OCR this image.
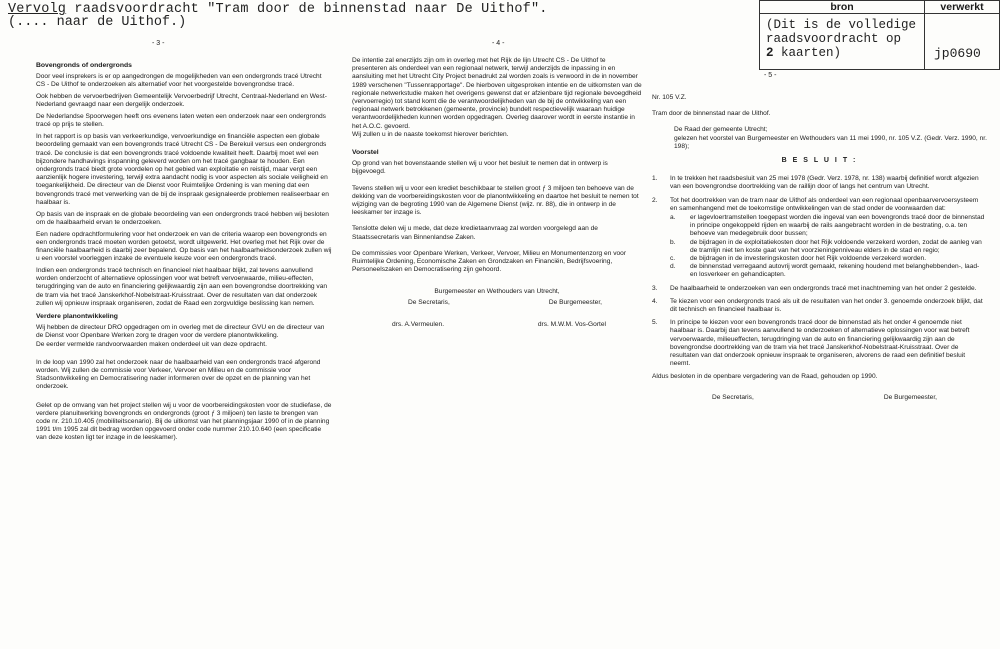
Vervolg raadsvoordracht "Tram door de binnenstad naar De Uithof".
(.... naar de Uithof.)
bron	verwerkt
(Dit is de volledige
raadsvoordracht op
2 kaarten)	jp0690
- 3 -	- 4 -
- 5 -
Bovengronds of ondergronds

Door veel insprekers is er op aangedrongen de mogelijkheden van een ondergronds tracé Utrecht CS - De Uithof te onderzoeken als alternatief voor het voorgestelde bovengrondse tracé.

Ook hebben de vervoerbedrijven Gemeentelijk Vervoerbedrijf Utrecht, Centraal-Nederland en West-Nederland gevraagd naar een dergelijk onderzoek.

De Nederlandse Spoorwegen heeft ons evenens laten weten een onderzoek naar een ondergronds tracé op prijs te stellen.

In het rapport is op basis van verkeerkundige, vervoerkundige en financiële aspecten een globale beoordeling gemaakt van een bovengronds tracé Utrecht CS - De Berekuil versus een ondergronds tracé. De conclusie is dat een bovengronds tracé voldoende kwaliteit heeft. Daarbij moet wel een bijzondere handhavings inspanning geleverd worden om het tracé gangbaar te houden. Een ondergronds tracé biedt grote voordelen op het gebied van exploitatie en reistijd, maar vergt een aanzienlijk hogere investering, terwijl extra aandacht nodig is voor aspecten als sociale veiligheid en toegankelijkheid. De directeur van de Dienst voor Ruimtelijke Ordening is van mening dat een bovengronds tracé met verwerking van de bij de inspraak gesignaleerde problemen realiseerbaar en haalbaar is.

Op basis van de inspraak en de globale beoordeling van een ondergronds tracé hebben wij besloten om de haalbaarheid ervan te onderzoeken.

Een nadere opdrachtformulering voor het onderzoek en van de criteria waarop een bovengronds en een ondergronds tracé moeten worden getoetst, wordt uitgewerkt. Het overleg met het Rijk over de financiële haalbaarheid is daarbij zeer bepalend. Op basis van het haalbaarheidsonderzoek zullen wij u een voorstel voorleggen inzake de eventuele keuze voor een ondergronds tracé.

Indien een ondergronds tracé technisch en financieel niet haalbaar blijkt, zal tevens aanvullend worden onderzocht of alternatieve oplossingen voor wat betreft vervoerwaarde, milieu-effecten, terugdringing van de auto en financiering gelijkwaardig zijn aan een bovengrondse doortrekking van de tram via het tracé Janskerkhof-Nobelstraat-Kruisstraat. Over de resultaten van dat onderzoek zullen wij opnieuw inspraak organiseren, zodat de Raad een zorgvuldige beslissing kan nemen.

Verdere planontwikkeling

Wij hebben de directeur DRO opgedragen om in overleg met de directeur GVU en de directeur van de Dienst voor Openbare Werken zorg te dragen voor de verdere planontwikkeling.

De eerder vermelde randvoorwaarden maken onderdeel uit van deze opdracht.

In de loop van 1990 zal het onderzoek naar de haalbaarheid van een ondergronds tracé afgerond worden. Wij zullen de commissie voor Verkeer, Vervoer en Milieu en de commissie voor Stadsontwikkeling en Democratisering nader informeren over de opzet en de planning van het onderzoek.

Gelet op de omvang van het project stellen wij u voor de voorbereidingskosten voor de studiefase, de verdere planuitwerking bovengronds en ondergronds (groot ƒ 3 miljoen) ten laste te brengen van code nr. 210.10.405 (mobiliteitscenario). Bij de uitkomst van het planningsjaar 1990 of in de planning 1991 t/m 1995 zal dit bedrag worden opgevoerd onder code nummer 210.10.640 (een specificatie van deze kosten ligt ter inzage in de leeskamer).

De intentie zal enerzijds zijn om in overleg met het Rijk de lijn Utrecht CS - De Uithof te presenteren als onderdeel van een regionaal netwerk, terwijl anderzijds de inpassing in en aansluiting met het Utrecht City Project benadrukt zal worden zoals is verwoord in de in november 1989 verschenen "Tussenrapportage". De hierboven uitgesproken intentie en de uitkomsten van de regionale netwerkstudie maken het overigens gewenst dat er afzienbare tijd regionale bevoegdheid (vervoerregio) tot stand komt die de verantwoordelijkheden van de bij de ontwikkeling van een regionaal netwerk betrokkenen (gemeente, provincie) bundelt respectievelijk waaraan huidige verantwoordelijkheden kunnen worden opgedragen. Overleg daarover wordt in eerste instantie in het A.O.C. gevoerd.

Wij zullen u in de naaste toekomst hierover berichten.

Voorstel

Op grond van het bovenstaande stellen wij u voor het besluit te nemen dat in ontwerp is bijgevoegd.

Tevens stellen wij u voor een krediet beschikbaar te stellen groot ƒ 3 miljoen ten behoeve van de dekking van de voorbereidingskosten voor de planontwikkeling en daartoe het besluit te nemen tot wijziging van de begroting 1990 van de Algemene Dienst (wijz. nr. 88), die in ontwerp in de leeskamer ter inzage is.

Tenslotte delen wij u mede, dat deze kredietaanvraag zal worden voorgelegd aan de Staatssecretaris van Binnenlandse Zaken.

De commissies voor Openbare Werken, Verkeer, Vervoer, Milieu en Monumentenzorg en voor Ruimtelijke Ordening, Economische Zaken en Grondzaken en Financiën, Bedrijfsvoering, Personeelszaken en Democratisering zijn gehoord.

Burgemeester en Wethouders van Utrecht,
De Secretaris,	De Burgemeester,
drs. A.Vermeulen.	drs. M.W.M. Vos-Gortel

Nr. 105 V.Z.

Tram door de binnenstad naar de Uithof.

De Raad der gemeente Utrecht;

gelezen het voorstel van Burgemeester en Wethouders van 11 mei 1990, nr. 105 V.Z. (Gedr. Verz. 1990, nr. 198);

B E S L U I T :
1. In te trekken het raadsbesluit van 25 mei 1978 (Gedr. Verz. 1978, nr. 138) waarbij definitief wordt afgezien van een bovengrondse doortrekking van de raillijn door of langs het centrum van Utrecht.
2. Tot het doortrekken van de tram naar de Uithof als onderdeel van een regionaal openbaarvervoersysteem en samenhangend met de toekomstige ontwikkelingen van de stad onder de voorwaarden dat:
a. er lagevloertramstellen toegepast worden die ingeval van een bovengronds tracé door de binnenstad in principe ongekoppeld rijden en waarbij de rails aangebracht worden in de bestrating, o.a. ten behoeve van medegebruik door bussen;
b. de bijdragen in de exploitatiekosten door het Rijk voldoende verzekerd worden, zodat de aanleg van de tramlijn niet ten koste gaat van het voorzieningenniveau elders in de stad en regio;
c. de bijdragen in de investeringskosten door het Rijk voldoende verzekerd worden.
d. de binnenstad verregaand autovrij wordt gemaakt, rekening houdend met belanghebbenden-, laad- en losverkeer en gehandicapten.
3. De haalbaarheid te onderzoeken van een ondergronds tracé met inachtneming van het onder 2 gestelde.
4. Te kiezen voor een ondergronds tracé als uit de resultaten van het onder 3. genoemde onderzoek blijkt, dat dit technisch en financieel haalbaar is.
5. In principe te kiezen voor een bovengronds tracé door de binnenstad als het onder 4 genoemde niet haalbaar is. Daarbij dan tevens aanvullend te onderzoeken of alternatieve oplossingen voor wat betreft vervoerwaarde, milieueffecten, terugdringing van de auto en financiering gelijkwaardig zijn aan de bovengrondse doortrekking van de tram via het tracé Janskerkhof-Nobelstraat-Kruisstraat. Over de resultaten van dat onderzoek opnieuw inspraak te organiseren, alvorens de raad een definitief besluit neemt.

Aldus besloten in de openbare vergadering van de Raad, gehouden op 1990.

De Secretaris,	De Burgemeester,
